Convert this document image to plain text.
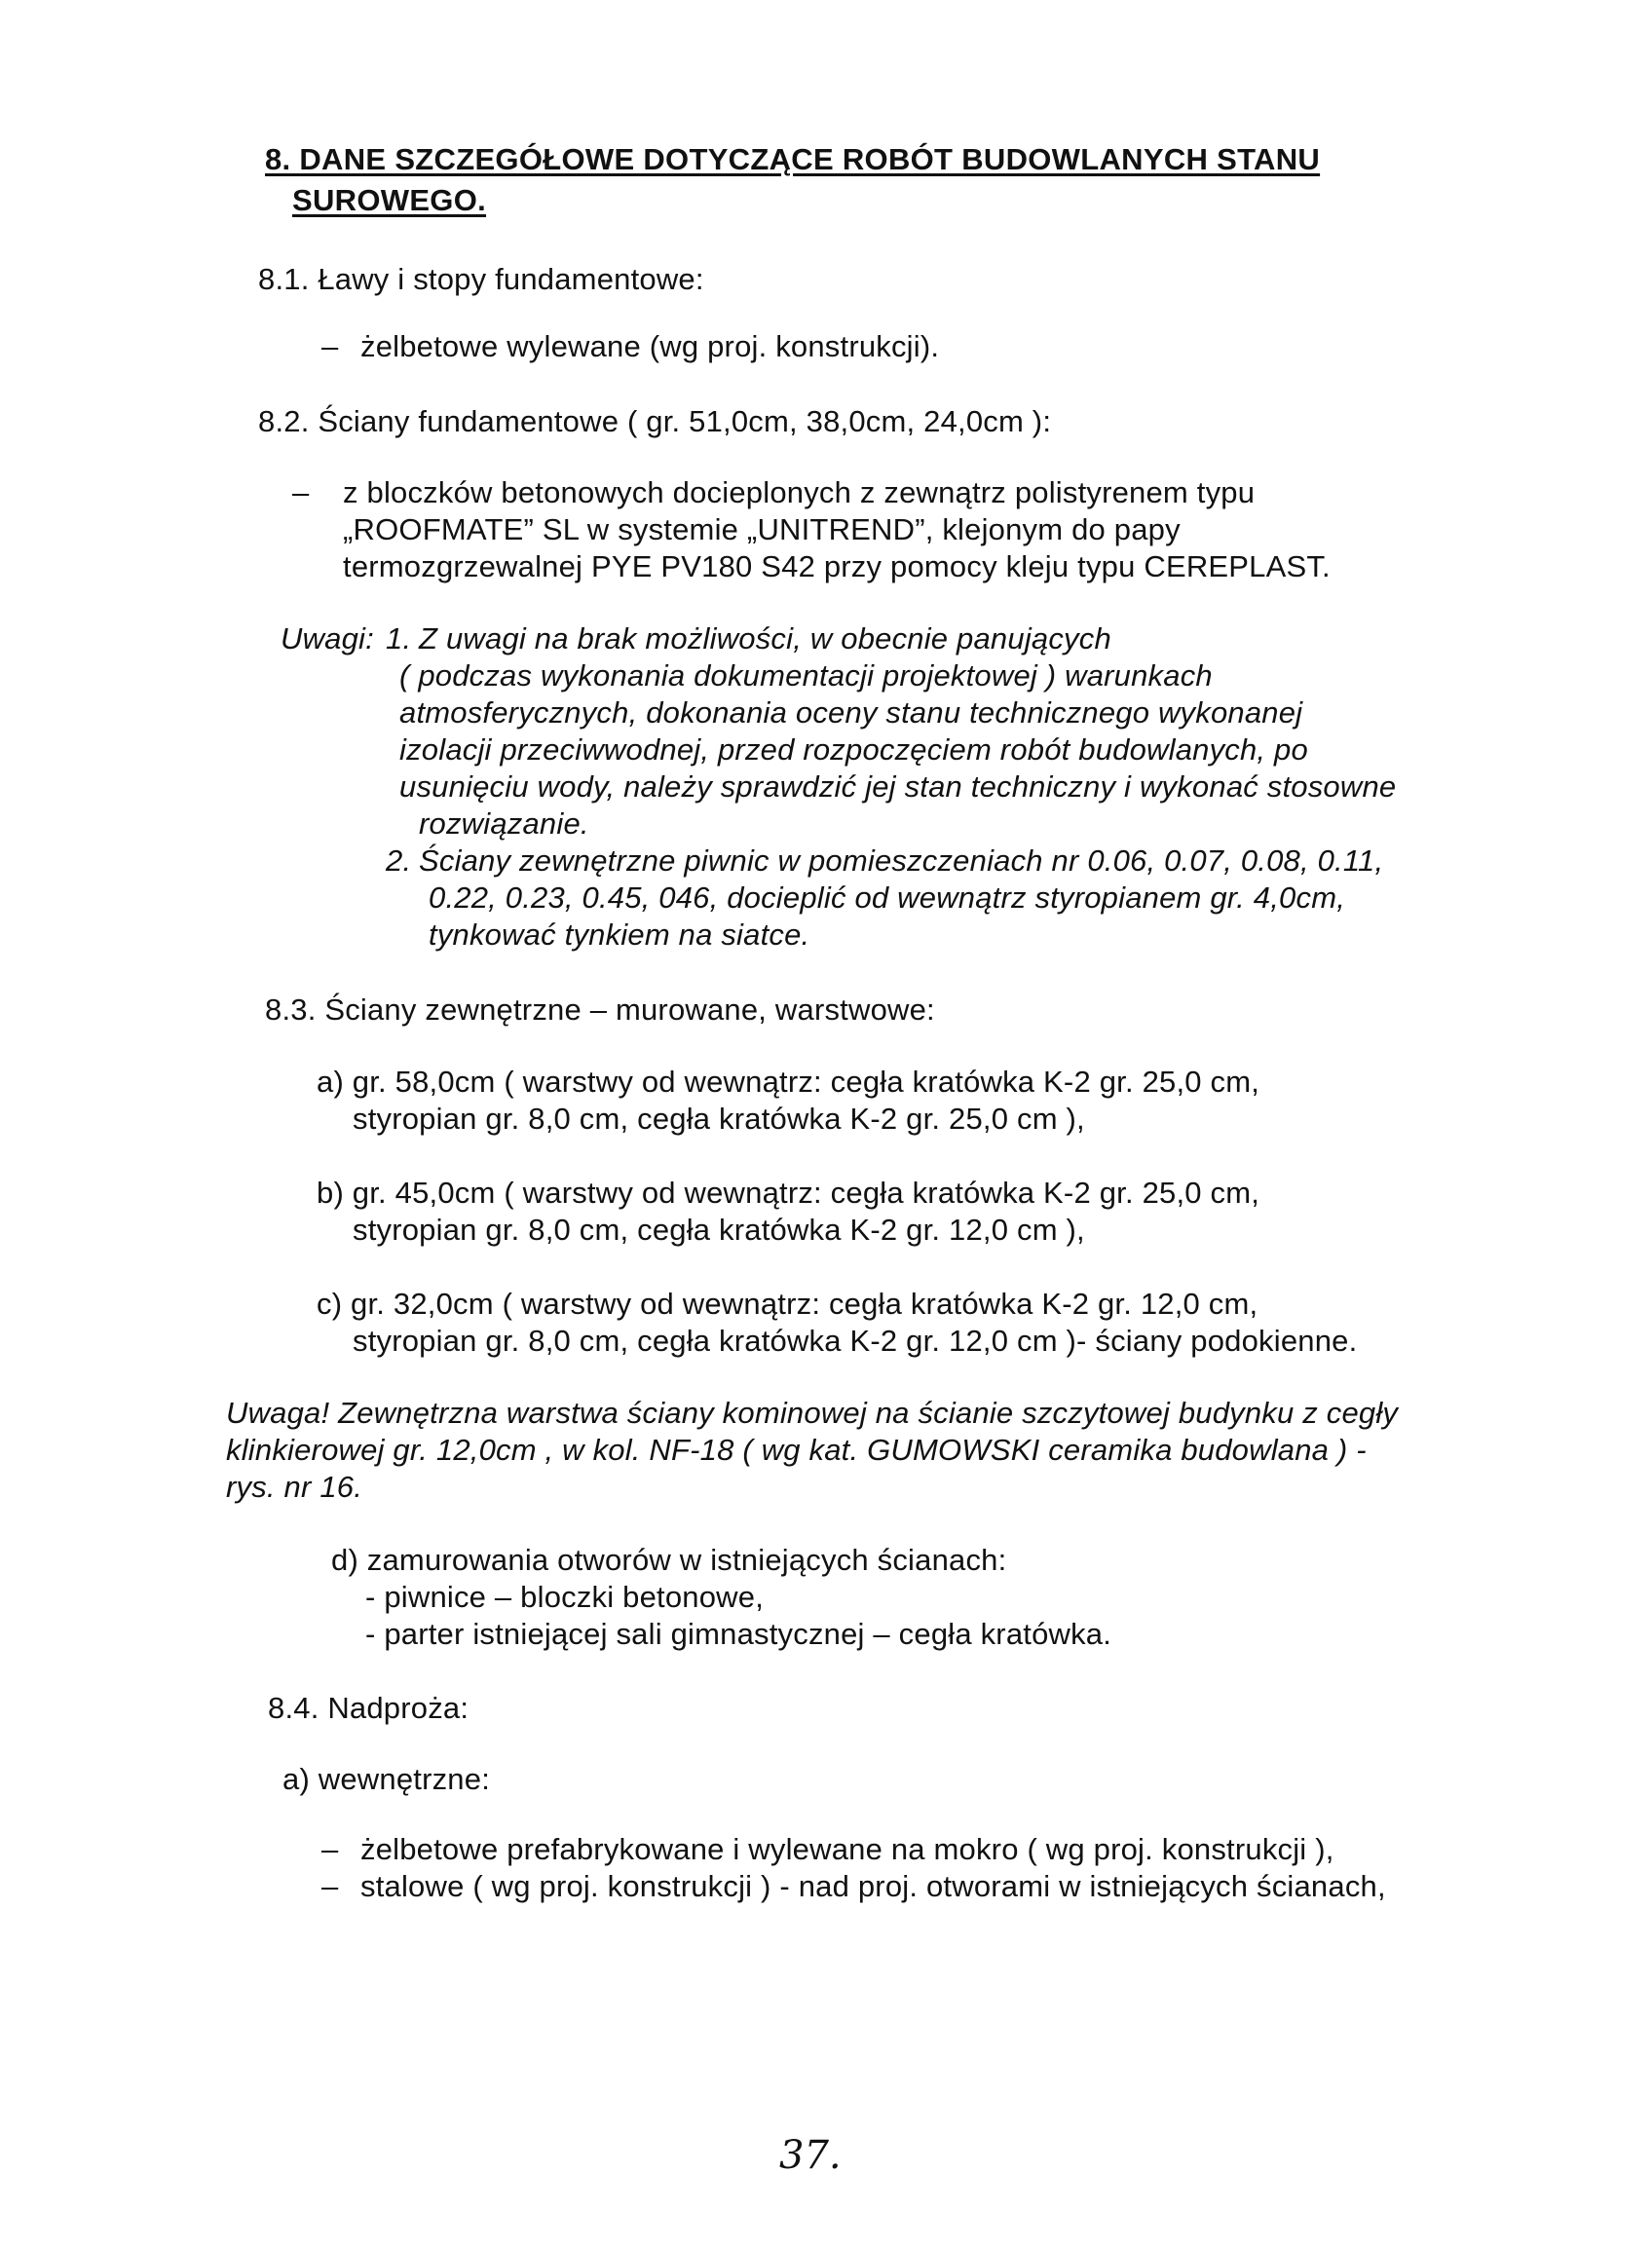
8. DANE SZCZEGÓŁOWE DOTYCZĄCE ROBÓT BUDOWLANYCH STANU
SUROWEGO.
8.1. Ławy i stopy fundamentowe:
– żelbetowe wylewane (wg proj. konstrukcji).
8.2. Ściany fundamentowe ( gr. 51,0cm, 38,0cm, 24,0cm ):
– z bloczków betonowych docieplonych z zewnątrz polistyrenem typu
„ROOFMATE” SL w systemie „UNITREND”, klejonym do papy
termozgrzewalnej PYE PV180 S42 przy pomocy kleju typu CEREPLAST.
Uwagi: 1. Z uwagi na brak możliwości, w obecnie panujących
( podczas wykonania dokumentacji projektowej ) warunkach
atmosferycznych, dokonania oceny stanu technicznego wykonanej
izolacji przeciwwodnej, przed rozpoczęciem robót budowlanych, po
usunięciu wody, należy sprawdzić jej stan techniczny i wykonać stosowne
rozwiązanie.
2. Ściany zewnętrzne piwnic w pomieszczeniach nr 0.06, 0.07, 0.08, 0.11,
0.22, 0.23, 0.45, 046, docieplić od wewnątrz styropianem gr. 4,0cm,
tynkować tynkiem na siatce.
8.3. Ściany zewnętrzne – murowane, warstwowe:
a) gr. 58,0cm ( warstwy od wewnątrz: cegła kratówka K-2 gr. 25,0 cm,
styropian gr. 8,0 cm, cegła kratówka K-2 gr. 25,0 cm ),
b) gr. 45,0cm ( warstwy od wewnątrz: cegła kratówka K-2 gr. 25,0 cm,
styropian gr. 8,0 cm, cegła kratówka K-2 gr. 12,0 cm ),
c) gr. 32,0cm ( warstwy od wewnątrz: cegła kratówka K-2 gr. 12,0 cm,
styropian gr. 8,0 cm, cegła kratówka K-2 gr. 12,0 cm )- ściany podokienne.
Uwaga! Zewnętrzna warstwa ściany kominowej na ścianie szczytowej budynku z cegły
klinkierowej gr. 12,0cm , w kol. NF-18 ( wg kat. GUMOWSKI ceramika budowlana ) -
rys. nr 16.
d) zamurowania otworów w istniejących ścianach:
- piwnice – bloczki betonowe,
- parter istniejącej sali gimnastycznej – cegła kratówka.
8.4. Nadproża:
a) wewnętrzne:
– żelbetowe prefabrykowane i wylewane na mokro ( wg proj. konstrukcji ),
– stalowe ( wg proj. konstrukcji ) - nad proj. otworami w istniejących ścianach,
37.
